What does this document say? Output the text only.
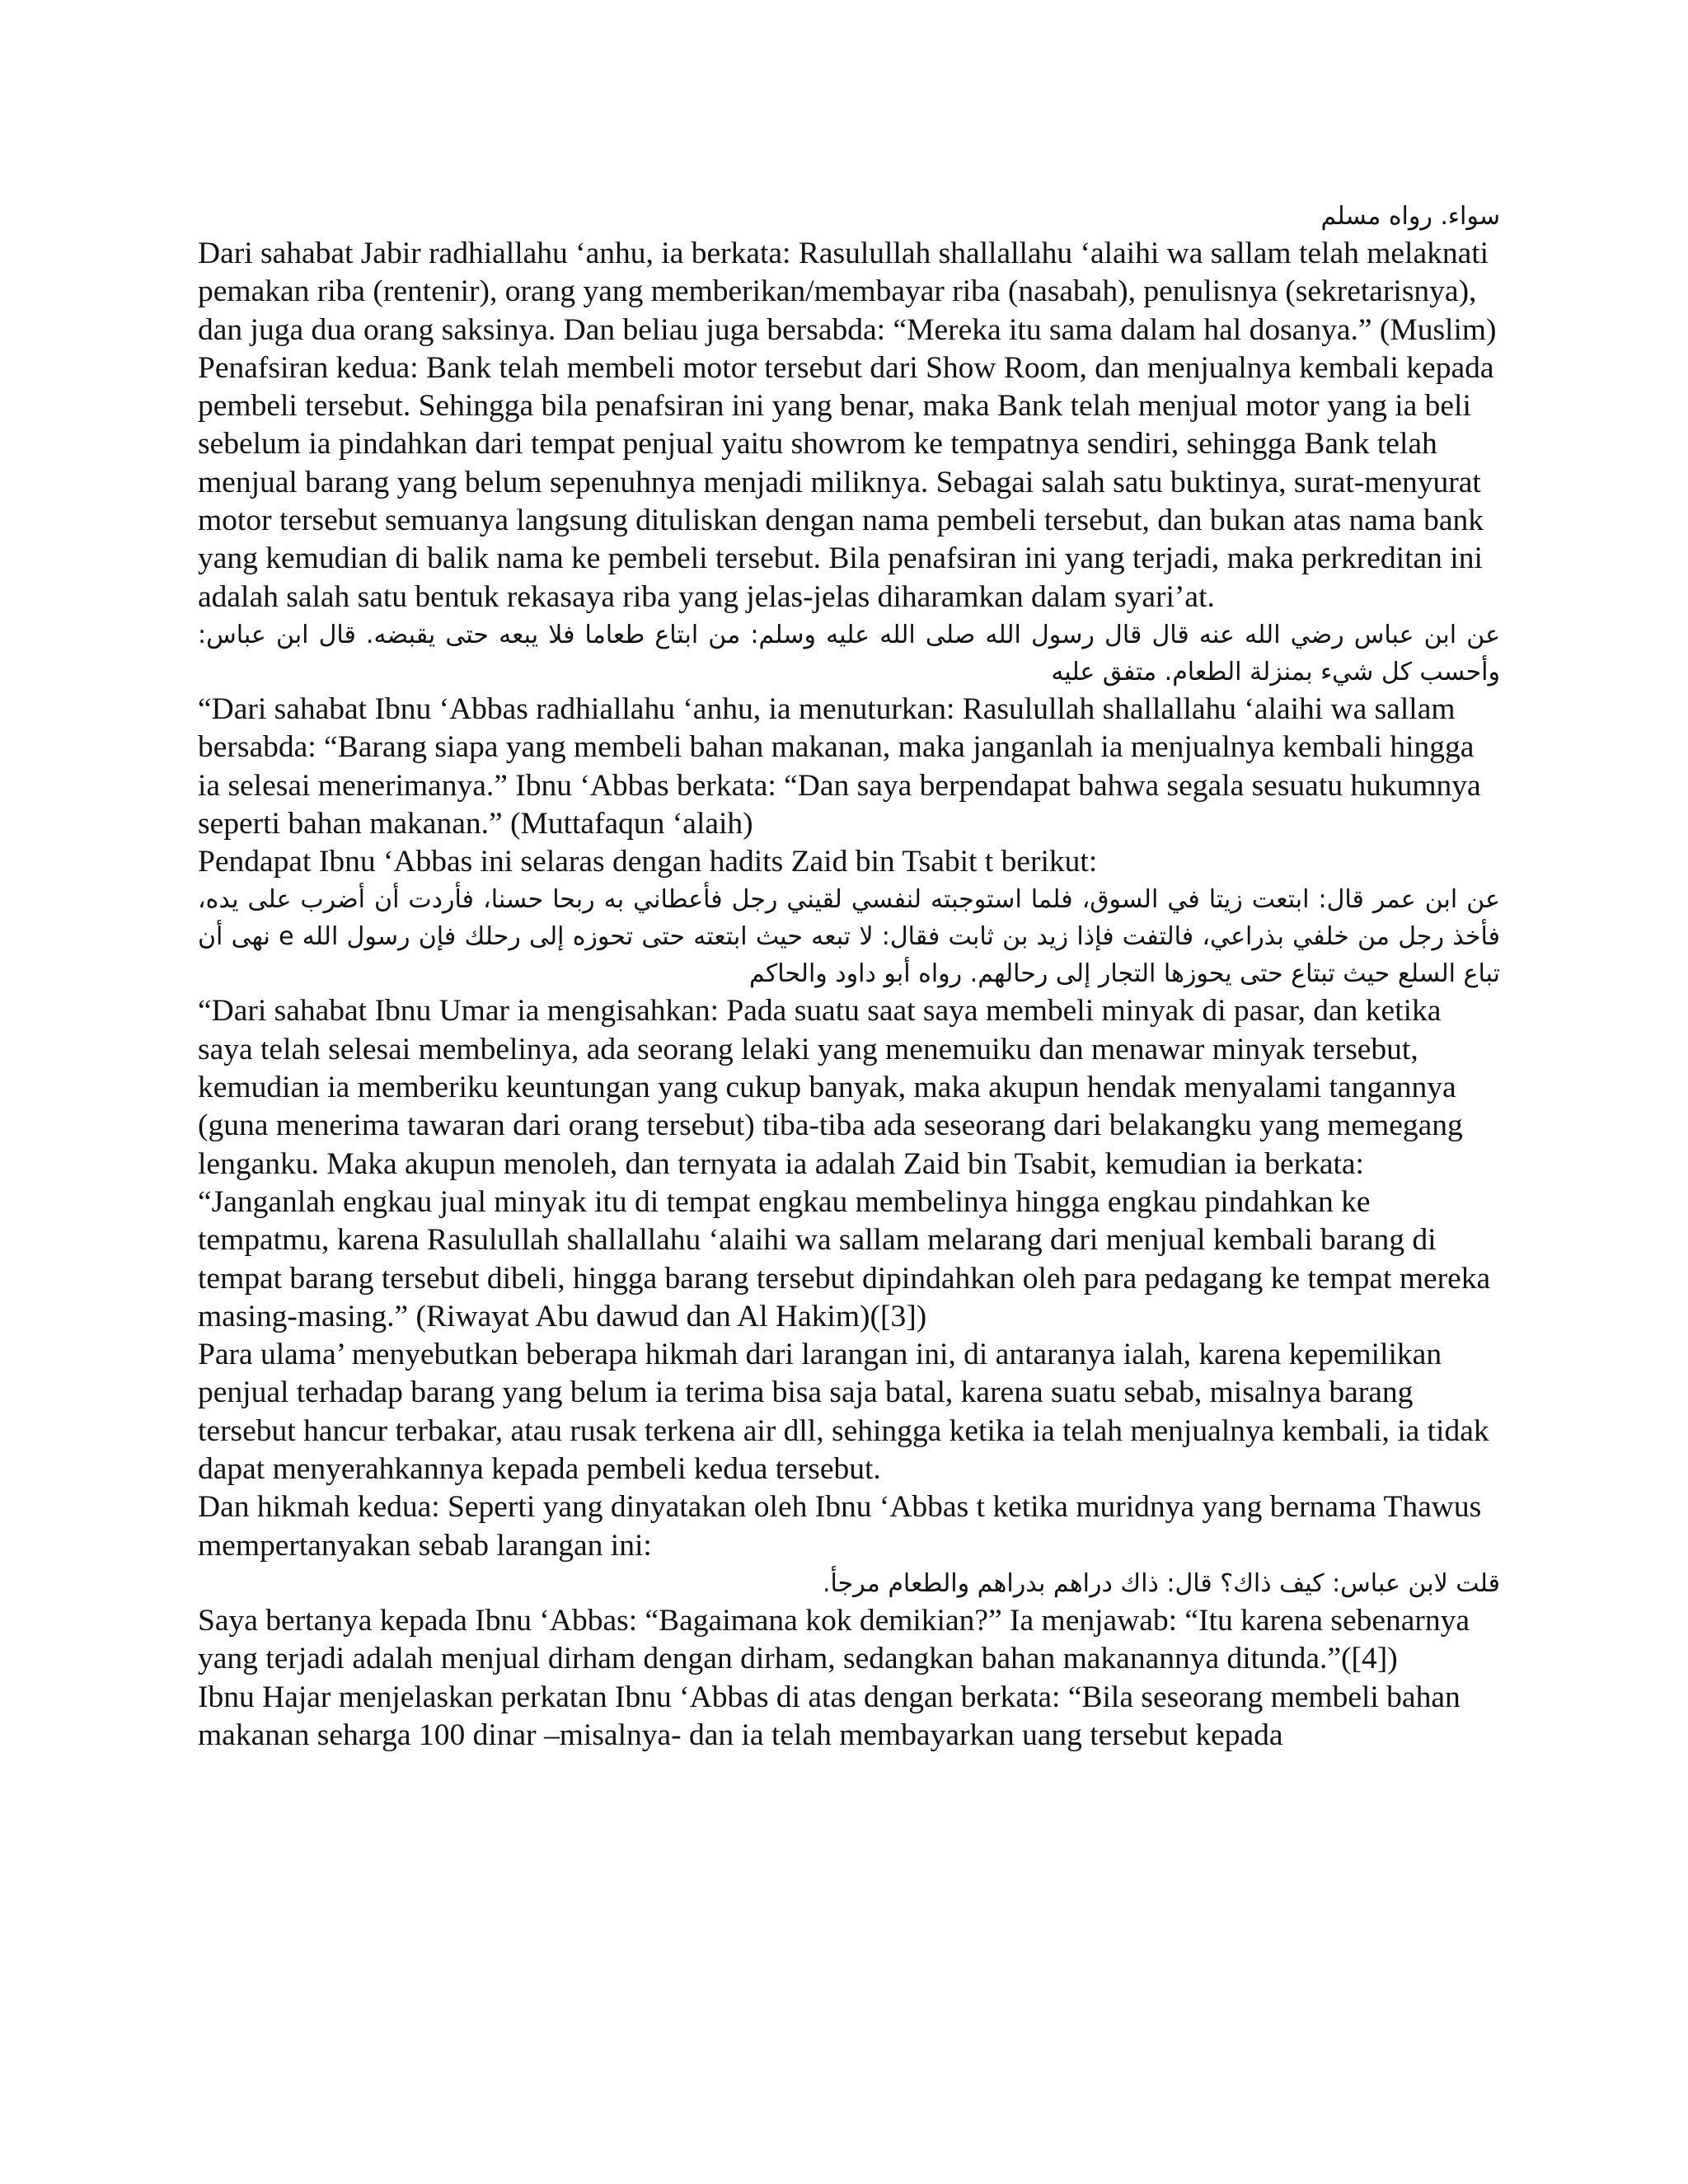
سواء. رواه مسلم

Dari sahabat Jabir radhiallahu ‘anhu, ia berkata: Rasulullah shallallahu ‘alaihi wa sallam telah melaknati pemakan riba (rentenir), orang yang memberikan/membayar riba (nasabah), penulisnya (sekretarisnya), dan juga dua orang saksinya. Dan beliau juga bersabda: “Mereka itu sama dalam hal dosanya.” (Muslim)

Penafsiran kedua: Bank telah membeli motor tersebut dari Show Room, dan menjualnya kembali kepada pembeli tersebut. Sehingga bila penafsiran ini yang benar, maka Bank telah menjual motor yang ia beli sebelum ia pindahkan dari tempat penjual yaitu showrom ke tempatnya sendiri, sehingga Bank telah menjual barang yang belum sepenuhnya menjadi miliknya. Sebagai salah satu buktinya, surat-menyurat motor tersebut semuanya langsung dituliskan dengan nama pembeli tersebut, dan bukan atas nama bank yang kemudian di balik nama ke pembeli tersebut. Bila penafsiran ini yang terjadi, maka perkreditan ini adalah salah satu bentuk rekasaya riba yang jelas-jelas diharamkan dalam syari’at.

عن ابن عباس رضي الله عنه قال قال رسول الله صلى الله عليه وسلم: من ابتاع طعاما فلا يبعه حتى يقبضه. قال ابن عباس: وأحسب كل شيء بمنزلة الطعام. متفق عليه

“Dari sahabat Ibnu ‘Abbas radhiallahu ‘anhu, ia menuturkan: Rasulullah shallallahu ‘alaihi wa sallam bersabda: “Barang siapa yang membeli bahan makanan, maka janganlah ia menjualnya kembali hingga ia selesai menerimanya.” Ibnu ‘Abbas berkata: “Dan saya berpendapat bahwa segala sesuatu hukumnya seperti bahan makanan.” (Muttafaqun ‘alaih)

Pendapat Ibnu ‘Abbas ini selaras dengan hadits Zaid bin Tsabit t berikut:

عن ابن عمر قال: ابتعت زيتا في السوق، فلما استوجبته لنفسي لقيني رجل فأعطاني به ربحا حسنا، فأردت أن أضرب على يده، فأخذ رجل من خلفي بذراعي، فالتفت فإذا زيد بن ثابت فقال: لا تبعه حيث ابتعته حتى تحوزه إلى رحلك فإن رسول الله e نهى أن تباع السلع حيث تبتاع حتى يحوزها التجار إلى رحالهم. رواه أبو داود والحاكم

“Dari sahabat Ibnu Umar ia mengisahkan: Pada suatu saat saya membeli minyak di pasar, dan ketika saya telah selesai membelinya, ada seorang lelaki yang menemuiku dan menawar minyak tersebut, kemudian ia memberiku keuntungan yang cukup banyak, maka akupun hendak menyalami tangannya (guna menerima tawaran dari orang tersebut) tiba-tiba ada seseorang dari belakangku yang memegang lenganku. Maka akupun menoleh, dan ternyata ia adalah Zaid bin Tsabit, kemudian ia berkata: “Janganlah engkau jual minyak itu di tempat engkau membelinya hingga engkau pindahkan ke tempatmu, karena Rasulullah shallallahu ‘alaihi wa sallam melarang dari menjual kembali barang di tempat barang tersebut dibeli, hingga barang tersebut dipindahkan oleh para pedagang ke tempat mereka masing-masing.” (Riwayat Abu dawud dan Al Hakim)([3])

Para ulama’ menyebutkan beberapa hikmah dari larangan ini, di antaranya ialah, karena kepemilikan penjual terhadap barang yang belum ia terima bisa saja batal, karena suatu sebab, misalnya barang tersebut hancur terbakar, atau rusak terkena air dll, sehingga ketika ia telah menjualnya kembali, ia tidak dapat menyerahkannya kepada pembeli kedua tersebut.

Dan hikmah kedua: Seperti yang dinyatakan oleh Ibnu ‘Abbas t ketika muridnya yang bernama Thawus mempertanyakan sebab larangan ini:

قلت لابن عباس: كيف ذاك؟ قال: ذاك دراهم بدراهم والطعام مرجأ.

Saya bertanya kepada Ibnu ‘Abbas: “Bagaimana kok demikian?” Ia menjawab: “Itu karena sebenarnya yang terjadi adalah menjual dirham dengan dirham, sedangkan bahan makanannya ditunda.”([4])

Ibnu Hajar menjelaskan perkatan Ibnu ‘Abbas di atas dengan berkata: “Bila seseorang membeli bahan makanan seharga 100 dinar –misalnya- dan ia telah membayarkan uang tersebut kepada
